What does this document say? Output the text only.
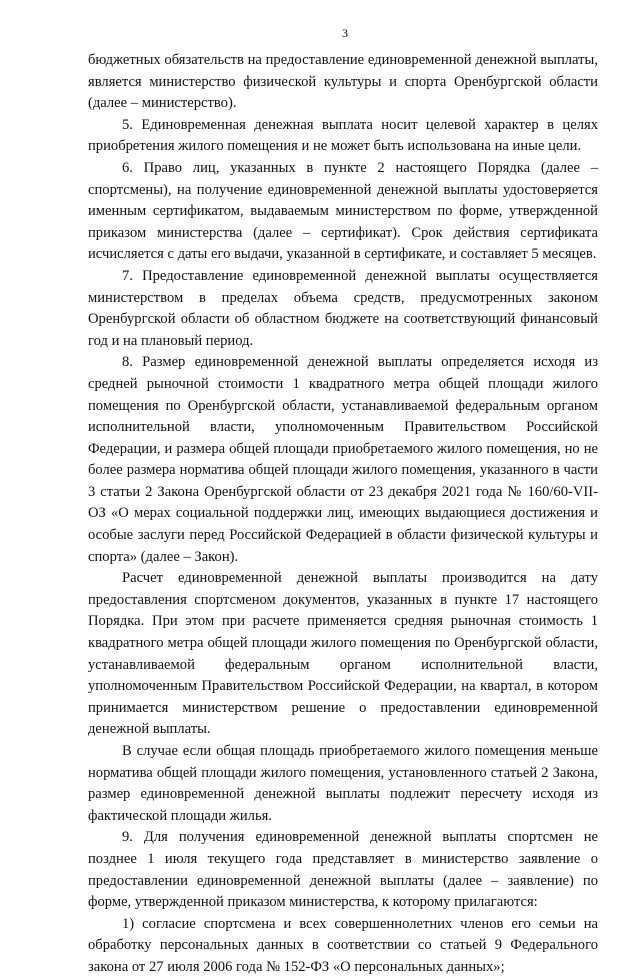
3

бюджетных обязательств на предоставление единовременной денежной выплаты, является министерство физической культуры и спорта Оренбургской области (далее – министерство).

5. Единовременная денежная выплата носит целевой характер в целях приобретения жилого помещения и не может быть использована на иные цели.

6. Право лиц, указанных в пункте 2 настоящего Порядка (далее – спортсмены), на получение единовременной денежной выплаты удостоверяется именным сертификатом, выдаваемым министерством по форме, утвержденной приказом министерства (далее – сертификат). Срок действия сертификата исчисляется с даты его выдачи, указанной в сертификате, и составляет 5 месяцев.

7. Предоставление единовременной денежной выплаты осуществляется министерством в пределах объема средств, предусмотренных законом Оренбургской области об областном бюджете на соответствующий финансовый год и на плановый период.

8. Размер единовременной денежной выплаты определяется исходя из средней рыночной стоимости 1 квадратного метра общей площади жилого помещения по Оренбургской области, устанавливаемой федеральным органом исполнительной власти, уполномоченным Правительством Российской Федерации, и размера общей площади приобретаемого жилого помещения, но не более размера норматива общей площади жилого помещения, указанного в части 3 статьи 2 Закона Оренбургской области от 23 декабря 2021 года № 160/60-VII-ОЗ «О мерах социальной поддержки лиц, имеющих выдающиеся достижения и особые заслуги перед Российской Федерацией в области физической культуры и спорта» (далее – Закон).

Расчет единовременной денежной выплаты производится на дату предоставления спортсменом документов, указанных в пункте 17 настоящего Порядка. При этом при расчете применяется средняя рыночная стоимость 1 квадратного метра общей площади жилого помещения по Оренбургской области, устанавливаемой федеральным органом исполнительной власти, уполномоченным Правительством Российской Федерации, на квартал, в котором принимается министерством решение о предоставлении единовременной денежной выплаты.

В случае если общая площадь приобретаемого жилого помещения меньше норматива общей площади жилого помещения, установленного статьей 2 Закона, размер единовременной денежной выплаты подлежит пересчету исходя из фактической площади жилья.

9. Для получения единовременной денежной выплаты спортсмен не позднее 1 июля текущего года представляет в министерство заявление о предоставлении единовременной денежной выплаты (далее – заявление) по форме, утвержденной приказом министерства, к которому прилагаются:

1) согласие спортсмена и всех совершеннолетних членов его семьи на обработку персональных данных в соответствии со статьей 9 Федерального закона от 27 июля 2006 года № 152-ФЗ «О персональных данных»;
